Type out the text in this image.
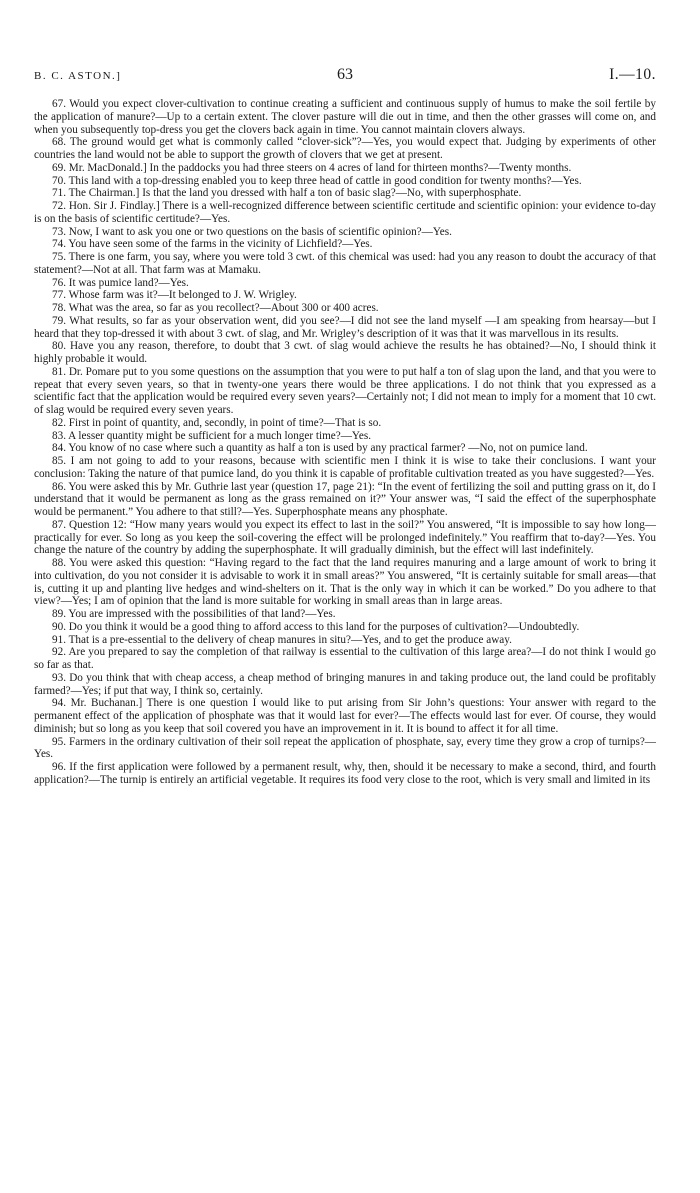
B. C. ASTON.]	63	I.—10.

67. Would you expect clover-cultivation to continue creating a sufficient and continuous supply of humus to make the soil fertile by the application of manure?—Up to a certain extent. The clover pasture will die out in time, and then the other grasses will come on, and when you subsequently top-dress you get the clovers back again in time. You cannot maintain clovers always.

68. The ground would get what is commonly called “clover-sick”?—Yes, you would expect that. Judging by experiments of other countries the land would not be able to support the growth of clovers that we get at present.

69. Mr. MacDonald.] In the paddocks you had three steers on 4 acres of land for thirteen months?—Twenty months.

70. This land with a top-dressing enabled you to keep three head of cattle in good condition for twenty months?—Yes.

71. The Chairman.] Is that the land you dressed with half a ton of basic slag?—No, with superphosphate.

72. Hon. Sir J. Findlay.] There is a well-recognized difference between scientific certitude and scientific opinion: your evidence to-day is on the basis of scientific certitude?—Yes.

73. Now, I want to ask you one or two questions on the basis of scientific opinion?—Yes.

74. You have seen some of the farms in the vicinity of Lichfield?—Yes.

75. There is one farm, you say, where you were told 3 cwt. of this chemical was used: had you any reason to doubt the accuracy of that statement?—Not at all. That farm was at Mamaku.

76. It was pumice land?—Yes.

77. Whose farm was it?—It belonged to J. W. Wrigley.

78. What was the area, so far as you recollect?—About 300 or 400 acres.

79. What results, so far as your observation went, did you see?—I did not see the land myself —I am speaking from hearsay—but I heard that they top-dressed it with about 3 cwt. of slag, and Mr. Wrigley’s description of it was that it was marvellous in its results.

80. Have you any reason, therefore, to doubt that 3 cwt. of slag would achieve the results he has obtained?—No, I should think it highly probable it would.

81. Dr. Pomare put to you some questions on the assumption that you were to put half a ton of slag upon the land, and that you were to repeat that every seven years, so that in twenty-one years there would be three applications. I do not think that you expressed as a scientific fact that the application would be required every seven years?—Certainly not; I did not mean to imply for a moment that 10 cwt. of slag would be required every seven years.

82. First in point of quantity, and, secondly, in point of time?—That is so.

83. A lesser quantity might be sufficient for a much longer time?—Yes.

84. You know of no case where such a quantity as half a ton is used by any practical farmer? —No, not on pumice land.

85. I am not going to add to your reasons, because with scientific men I think it is wise to take their conclusions. I want your conclusion: Taking the nature of that pumice land, do you think it is capable of profitable cultivation treated as you have suggested?—Yes.

86. You were asked this by Mr. Guthrie last year (question 17, page 21): “In the event of fertilizing the soil and putting grass on it, do I understand that it would be permanent as long as the grass remained on it?” Your answer was, “I said the effect of the superphosphate would be permanent.” You adhere to that still?—Yes. Superphosphate means any phosphate.

87. Question 12: “How many years would you expect its effect to last in the soil?” You answered, “It is impossible to say how long—practically for ever. So long as you keep the soil-covering the effect will be prolonged indefinitely.” You reaffirm that to-day?—Yes. You change the nature of the country by adding the superphosphate. It will gradually diminish, but the effect will last indefinitely.

88. You were asked this question: “Having regard to the fact that the land requires manuring and a large amount of work to bring it into cultivation, do you not consider it is advisable to work it in small areas?” You answered, “It is certainly suitable for small areas—that is, cutting it up and planting live hedges and wind-shelters on it. That is the only way in which it can be worked.” Do you adhere to that view?—Yes; I am of opinion that the land is more suitable for working in small areas than in large areas.

89. You are impressed with the possibilities of that land?—Yes.

90. Do you think it would be a good thing to afford access to this land for the purposes of cultivation?—Undoubtedly.

91. That is a pre-essential to the delivery of cheap manures in situ?—Yes, and to get the produce away.

92. Are you prepared to say the completion of that railway is essential to the cultivation of this large area?—I do not think I would go so far as that.

93. Do you think that with cheap access, a cheap method of bringing manures in and taking produce out, the land could be profitably farmed?—Yes; if put that way, I think so, certainly.

94. Mr. Buchanan.] There is one question I would like to put arising from Sir John’s questions: Your answer with regard to the permanent effect of the application of phosphate was that it would last for ever?—The effects would last for ever. Of course, they would diminish; but so long as you keep that soil covered you have an improvement in it. It is bound to affect it for all time.

95. Farmers in the ordinary cultivation of their soil repeat the application of phosphate, say, every time they grow a crop of turnips?—Yes.

96. If the first application were followed by a permanent result, why, then, should it be necessary to make a second, third, and fourth application?—The turnip is entirely an artificial vegetable. It requires its food very close to the root, which is very small and limited in its
